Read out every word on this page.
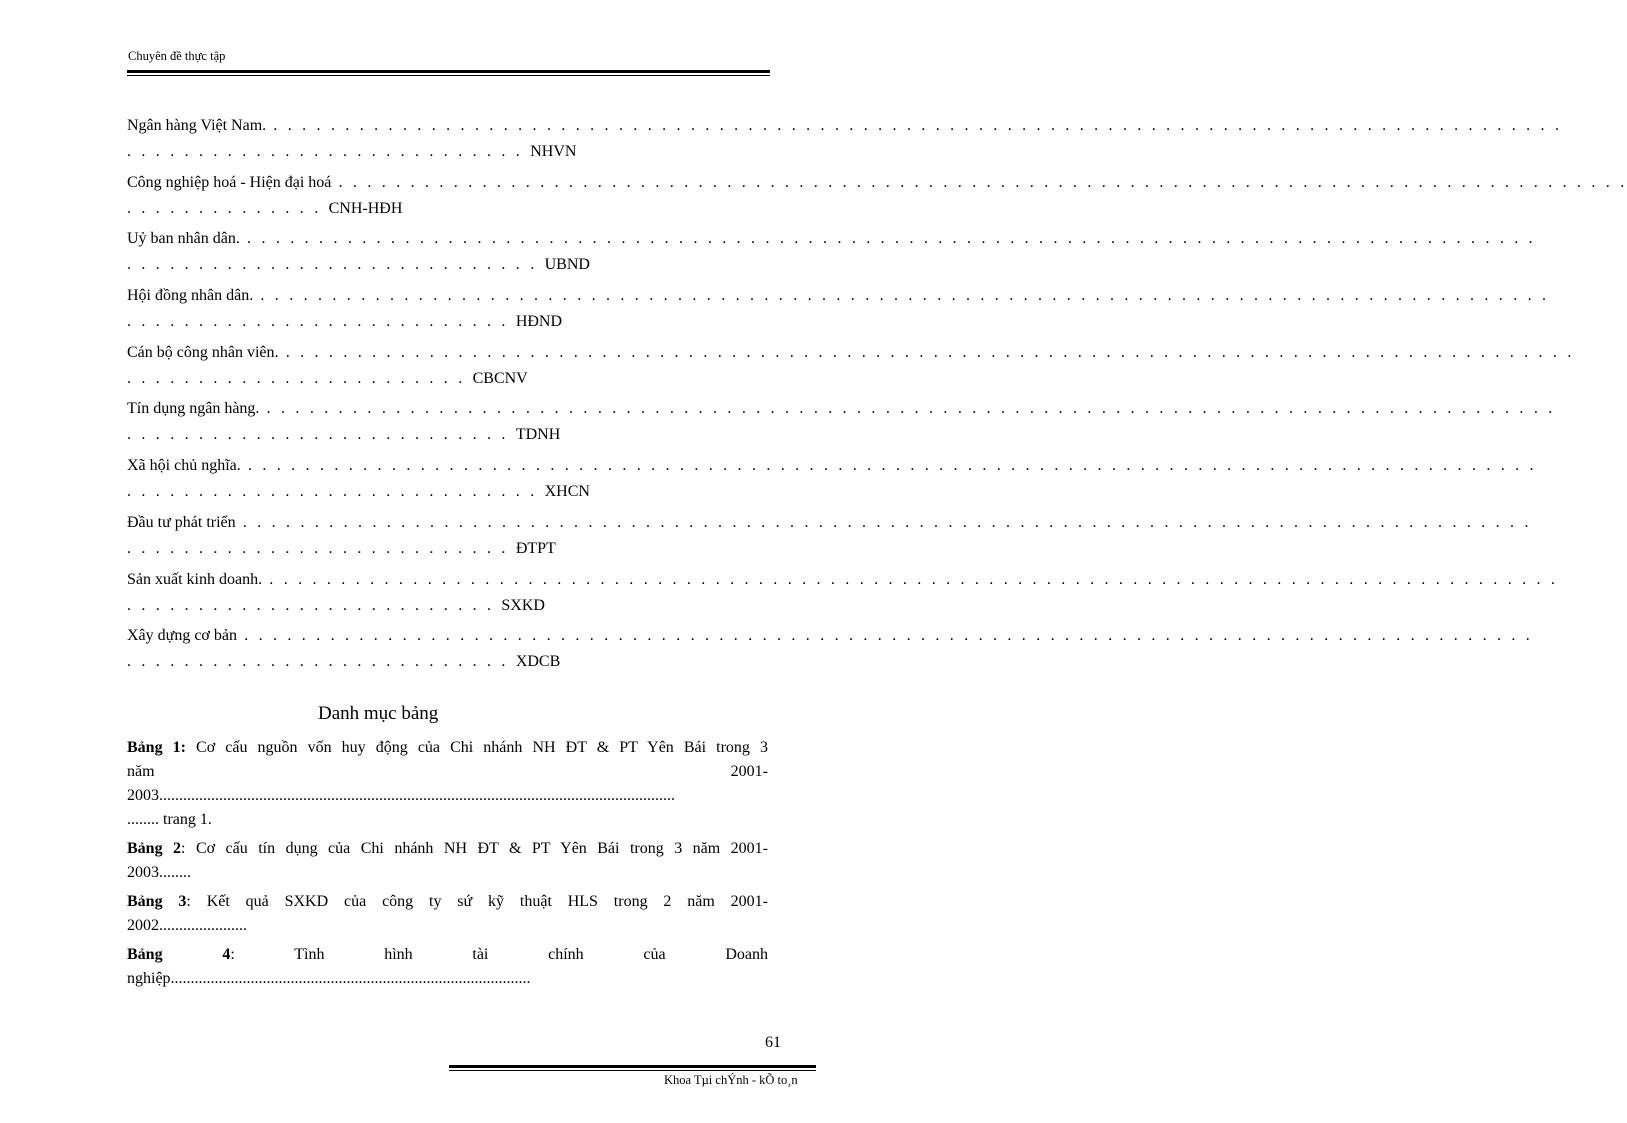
Chuyên đề thực tập
Ngân hàng Việt Nam. . . . . . . . . . . . . . . . . . . . . . . . . . . . . . . . . . . . . . . . . . . . . . . . . . . . . . . . . . . . . . . . . . . . . . . . . . . . . . . . . . . . . . . . . . .
. . . . . . . . . . . . . . . . . . . . . . . . . . . . NHVN
Công nghiệp hoá - Hiện đại hoá . . . . . . . . . . . . . . . . . . . . . . . . . . . . . . . . . . . . . . . . . . . . . . . . . . . . . . . . . . . . . . . . . . . . . . . . . . . . . . . . . . . . . . . . . .
. . . . . . . . . . . . . . CNH-HĐH
Uỷ ban nhân dân. . . . . . . . . . . . . . . . . . . . . . . . . . . . . . . . . . . . . . . . . . . . . . . . . . . . . . . . . . . . . . . . . . . . . . . . . . . . . . . . . . . . . . . . . . .
. . . . . . . . . . . . . . . . . . . . . . . . . . . . . UBND
Hội đồng nhân dân. . . . . . . . . . . . . . . . . . . . . . . . . . . . . . . . . . . . . . . . . . . . . . . . . . . . . . . . . . . . . . . . . . . . . . . . . . . . . . . . . . . . . . . . . . .
. . . . . . . . . . . . . . . . . . . . . . . . . . . HĐND
Cán bộ công nhân viên. . . . . . . . . . . . . . . . . . . . . . . . . . . . . . . . . . . . . . . . . . . . . . . . . . . . . . . . . . . . . . . . . . . . . . . . . . . . . . . . . . . . . . . . . . .
. . . . . . . . . . . . . . . . . . . . . . . . CBCNV
Tín dụng ngân hàng. . . . . . . . . . . . . . . . . . . . . . . . . . . . . . . . . . . . . . . . . . . . . . . . . . . . . . . . . . . . . . . . . . . . . . . . . . . . . . . . . . . . . . . . . . .
. . . . . . . . . . . . . . . . . . . . . . . . . . . TDNH
Xã hội chủ nghĩa. . . . . . . . . . . . . . . . . . . . . . . . . . . . . . . . . . . . . . . . . . . . . . . . . . . . . . . . . . . . . . . . . . . . . . . . . . . . . . . . . . . . . . . . . . .
. . . . . . . . . . . . . . . . . . . . . . . . . . . . . XHCN
Đầu tư phát triển . . . . . . . . . . . . . . . . . . . . . . . . . . . . . . . . . . . . . . . . . . . . . . . . . . . . . . . . . . . . . . . . . . . . . . . . . . . . . . . . . . . . . . . . . .
. . . . . . . . . . . . . . . . . . . . . . . . . . . ĐTPT
Sản xuất kinh doanh. . . . . . . . . . . . . . . . . . . . . . . . . . . . . . . . . . . . . . . . . . . . . . . . . . . . . . . . . . . . . . . . . . . . . . . . . . . . . . . . . . . . . . . . . . .
. . . . . . . . . . . . . . . . . . . . . . . . . . SXKD
Xây dựng cơ bản . . . . . . . . . . . . . . . . . . . . . . . . . . . . . . . . . . . . . . . . . . . . . . . . . . . . . . . . . . . . . . . . . . . . . . . . . . . . . . . . . . . . . . . . . .
. . . . . . . . . . . . . . . . . . . . . . . . . . . XDCB
Danh mục bảng
Bảng 1: Cơ cấu nguồn vốn huy động của Chi nhánh NH ĐT & PT Yên Bái trong 3
năm 2001-
2003.................................................................................................................................
........ trang 1.
Bảng 2: Cơ cấu tín dụng của Chi nhánh NH ĐT & PT Yên Bái trong 3 năm 2001-
2003........
Bảng 3: Kết quả SXKD của công ty sứ kỹ thuật HLS trong 2 năm 2001-
2002......................
Bảng 4: Tình hình tài chính của Doanh
nghiệp..........................................................................................
61
Khoa Tµi chÝnh - kÕ to¸n
